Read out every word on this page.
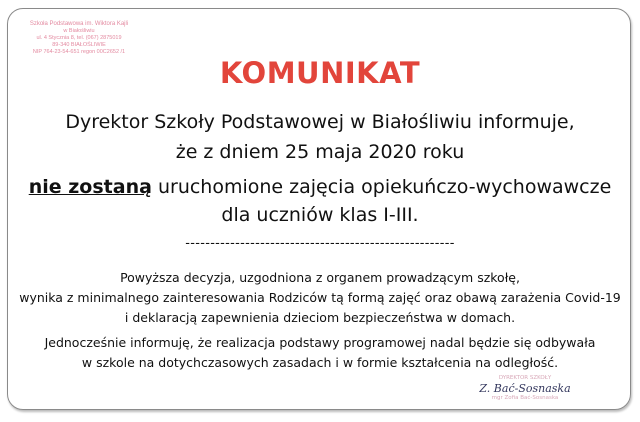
Szkoła Podstawowa im. Wiktora Kajli
w Białośliwiu
ul. 4 Stycznia 8, tel. (067) 2875019
89-340 BIAŁOŚLIWIE
NIP 764-23-54-651 regon 00C2652 /1
KOMUNIKAT
Dyrektor Szkoły Podstawowej w Białośliwiu informuje,
że z dniem 25 maja 2020 roku
nie zostaną uruchomione zajęcia opiekuńczo-wychowawcze
dla uczniów klas I-III.
------------------------------------------------------
Powyższa decyzja, uzgodniona z organem prowadzącym szkołę,
wynika z minimalnego zainteresowania Rodziców tą formą zajęć oraz obawą zarażenia Covid-19
i deklaracją zapewnienia dzieciom bezpieczeństwa w domach.
Jednocześnie informuję, że realizacja podstawy programowej nadal będzie się odbywała
w szkole na dotychczasowych zasadach i w formie kształcenia na odległość.
DYREKTOR SZKOŁY
Z. Bać-Sosnaska
mgr Zofia Bać-Sosnaska
